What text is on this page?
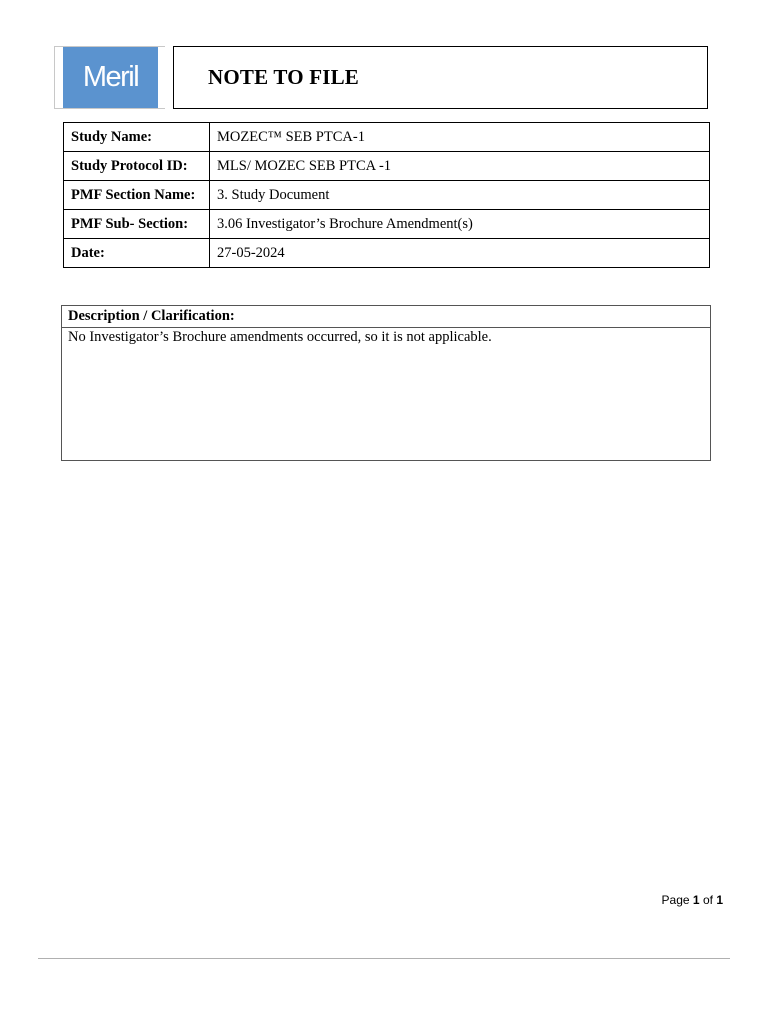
Meril	NOTE TO FILE
Study Name:	MOZEC™ SEB PTCA-1
Study Protocol ID:	MLS/ MOZEC SEB PTCA -1
PMF Section Name:	3. Study Document
PMF Sub- Section:	3.06 Investigator’s Brochure Amendment(s)
Date:	27-05-2024
Description / Clarification:
No Investigator’s Brochure amendments occurred, so it is not applicable.
Page 1 of 1
